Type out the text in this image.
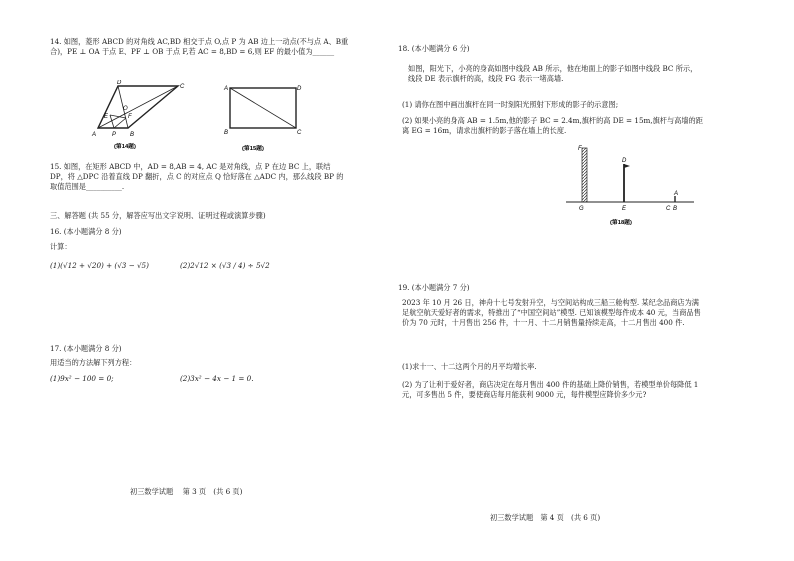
14. 如图，菱形 ABCD 的对角线 AC,BD 相交于点 O,点 P 为 AB 边上一动点(不与点 A、B重合)，PE ⊥ OA 于点 E、PF ⊥ OB 于点 F,若 AC = 8,BD = 6,则 EF 的最小值为______
A	B
C
D
E	F
O
P
(第14题)
A
B	C
D
(第15题)
15. 如图，在矩形 ABCD 中，AD = 8,AB = 4, AC 是对角线，点 P 在边 BC 上，联结 DP，将 △DPC 沿着直线 DP 翻折，点 C 的对应点 Q 恰好落在 △ADC 内，那么线段 BP 的取值范围是__________.
三、解答题 (共 55 分，解答应写出文字说明、证明过程或演算步骤)
16. (本小题满分 8 分)
计算：
(1)(√12 + √20) + (√3 − √5)	(2)2√12 × (√3 / 4) ÷ 5√2
17. (本小题满分 8 分)
用适当的方法解下列方程：
(1)9x² − 100 = 0;	(2)3x² − 4x − 1 = 0.
初三数学试题　 第 3 页　(共 6 页)
18. (本小题满分 6 分)
如图，阳光下，小亮的身高如图中线段 AB 所示，他在地面上的影子如图中线段 BC 所示，线段 DE 表示旗杆的高，线段 FG 表示一堵高墙.
(1) 请你在图中画出旗杆在同一时刻阳光照射下形成的影子的示意图;
(2) 如果小亮的身高 AB = 1.5m,他的影子 BC = 2.4m,旗杆的高 DE = 15m,旗杆与高墙的距离 EG = 16m，请求出旗杆的影子落在墙上的长度.
F
G
D
E
A
C B
(第18题)
19. (本小题满分 7 分)
2023 年 10 月 26 日，神舟十七号发射升空，与空间站构成三船三舱构型. 某纪念品商店为满足航空航天爱好者的需求，特推出了“中国空间站”模型. 已知该模型每件成本 40 元，当商品售价为 70 元时，十月售出 256 件，十一月、十二月销售量持续走高，十二月售出 400 件.
(1)求十一、十二这两个月的月平均增长率.
(2) 为了让利于爱好者，商店决定在每月售出 400 件的基础上降价销售，若模型单价每降低 1 元，可多售出 5 件，要使商店每月能获利 9000 元，每件模型应降价多少元?
初三数学试题　第 4 页　(共 6 页)
